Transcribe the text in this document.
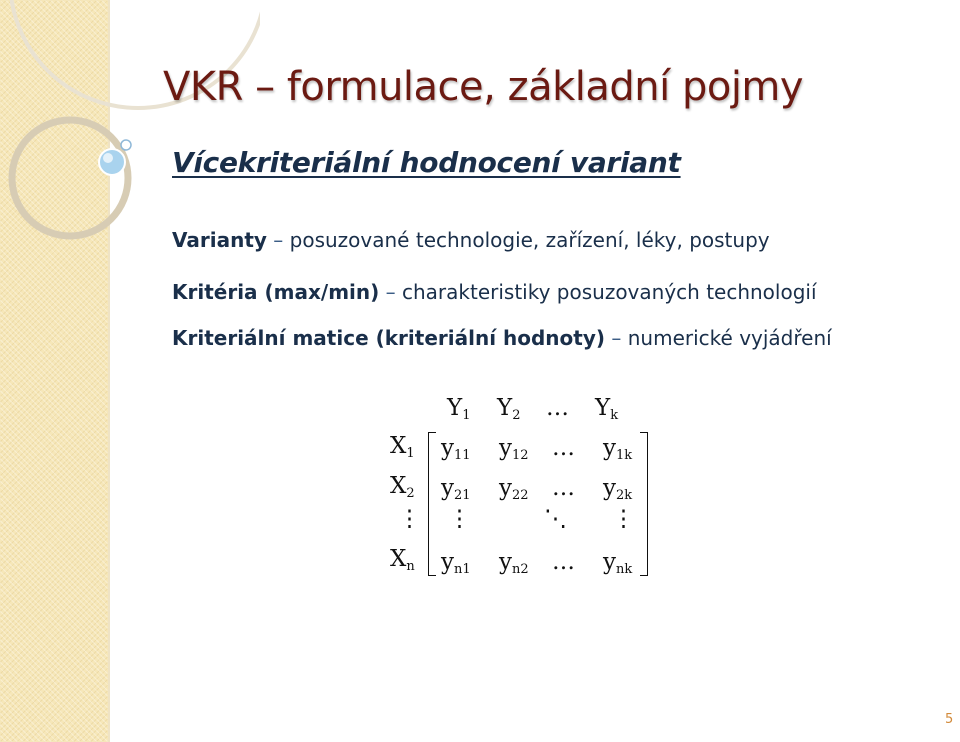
VKR – formulace, základní pojmy
Vícekriteriální hodnocení variant
Varianty – posuzované technologie, zařízení, léky, postupy
Kritéria (max/min) – charakteristiky posuzovaných technologií
Kriteriální matice (kriteriální hodnoty) – numerické vyjádření
$Y_1$ $Y_2$ … $Y_k$
$X_1$ $y_{11}$ $y_{12}$ … $y_{1k}$
$X_2$ $y_{21}$ $y_{22}$ … $y_{2k}$
⋮ ⋮	⋱ ⋮
$X_n$ $y_{n1}$ $y_{n2}$ … $y_{nk}$
5
